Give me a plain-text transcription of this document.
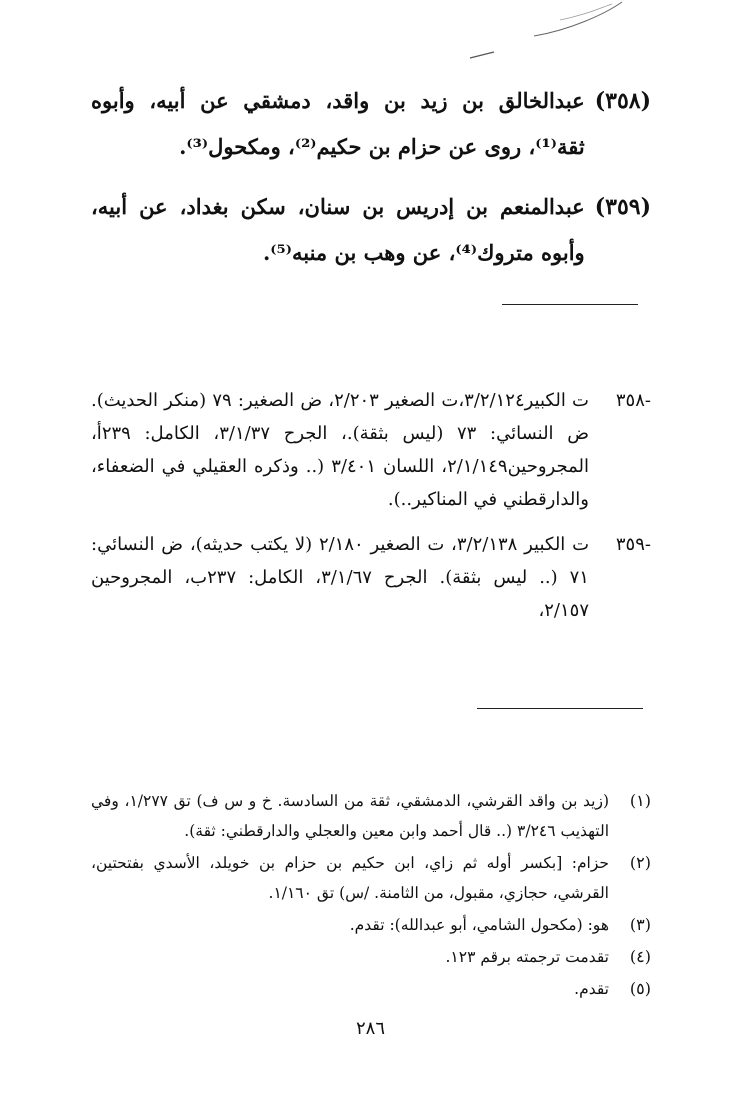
(٣٥٨)
عبدالخالق بن زيد بن واقد، دمشقي عن أبيه، وأبوه ثقة⁽¹⁾، روى عن حزام بن حكيم⁽²⁾، ومكحول⁽³⁾.
(٣٥٩)
عبدالمنعم بن إدريس بن سنان، سكن بغداد، عن أبيه، وأبوه متروك⁽⁴⁾، عن وهب بن منبه⁽⁵⁾.
-٣٥٨
ت الكبير٣/٢/١٢٤،ت الصغير ٢/٢٠٣، ض الصغير: ٧٩ (منكر الحديث). ض النسائي: ٧٣ (ليس بثقة).، الجرح ٣/١/٣٧، الكامل: ٢٣٩أ، المجروحين٢/١/١٤٩، اللسان ٣/٤٠١ (.. وذكره العقيلي في الضعفاء، والدارقطني في المناكير..).
-٣٥٩
ت الكبير ٣/٢/١٣٨، ت الصغير ٢/١٨٠ (لا يكتب حديثه)، ض النسائي: ٧١ (.. ليس بثقة). الجرح ٣/١/٦٧، الكامل: ٢٣٧ب، المجروحين ٢/١٥٧،
(١)
(زيد بن واقد القرشي، الدمشقي، ثقة من السادسة. خ و س ف) تق ١/٢٧٧، وفي التهذيب ٣/٢٤٦ (.. قال أحمد وابن معين والعجلي والدارقطني: ثقة).
(٢)
حزام: [بكسر أوله ثم زاي، ابن حكيم بن حزام بن خويلد، الأسدي بفتحتين، القرشي، حجازي، مقبول، من الثامنة. /س) تق ١/١٦٠.
(٣)
هو: (مكحول الشامي، أبو عبدالله): تقدم.
(٤)
تقدمت ترجمته برقم ١٢٣.
(٥)
تقدم.
٢٨٦
